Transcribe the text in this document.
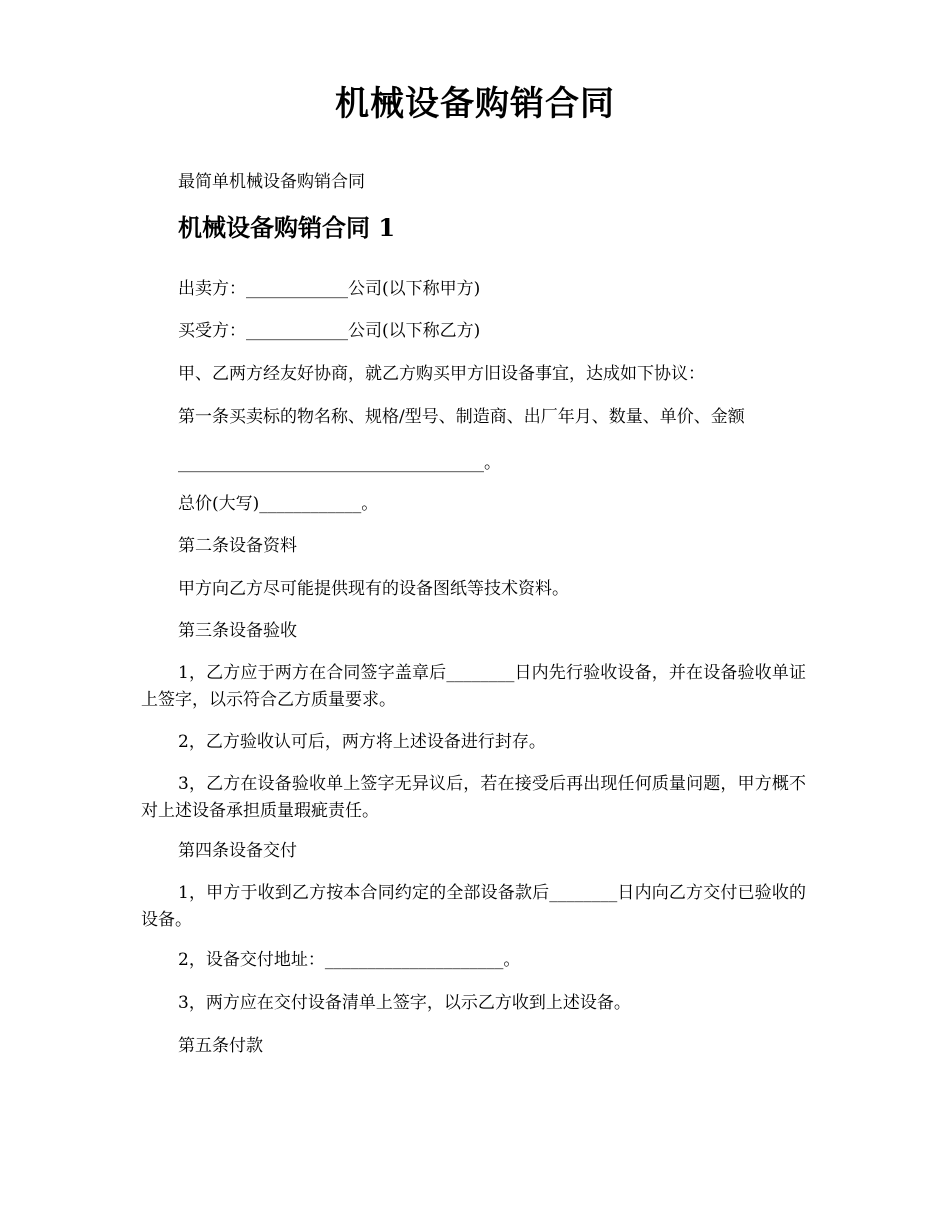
机械设备购销合同

最简单机械设备购销合同

机械设备购销合同 1

出卖方：____________公司(以下称甲方)

买受方：____________公司(以下称乙方)

甲、乙两方经友好协商，就乙方购买甲方旧设备事宜，达成如下协议：

第一条买卖标的物名称、规格/型号、制造商、出厂年月、数量、单价、金额

____________________________________。

总价(大写)____________。

第二条设备资料

甲方向乙方尽可能提供现有的设备图纸等技术资料。

第三条设备验收

1，乙方应于两方在合同签字盖章后________日内先行验收设备，并在设备验收单证上签字，以示符合乙方质量要求。

2，乙方验收认可后，两方将上述设备进行封存。

3，乙方在设备验收单上签字无异议后，若在接受后再出现任何质量问题，甲方概不对上述设备承担质量瑕疵责任。

第四条设备交付

1，甲方于收到乙方按本合同约定的全部设备款后________日内向乙方交付已验收的设备。

2，设备交付地址：_____________________。

3，两方应在交付设备清单上签字，以示乙方收到上述设备。

第五条付款
